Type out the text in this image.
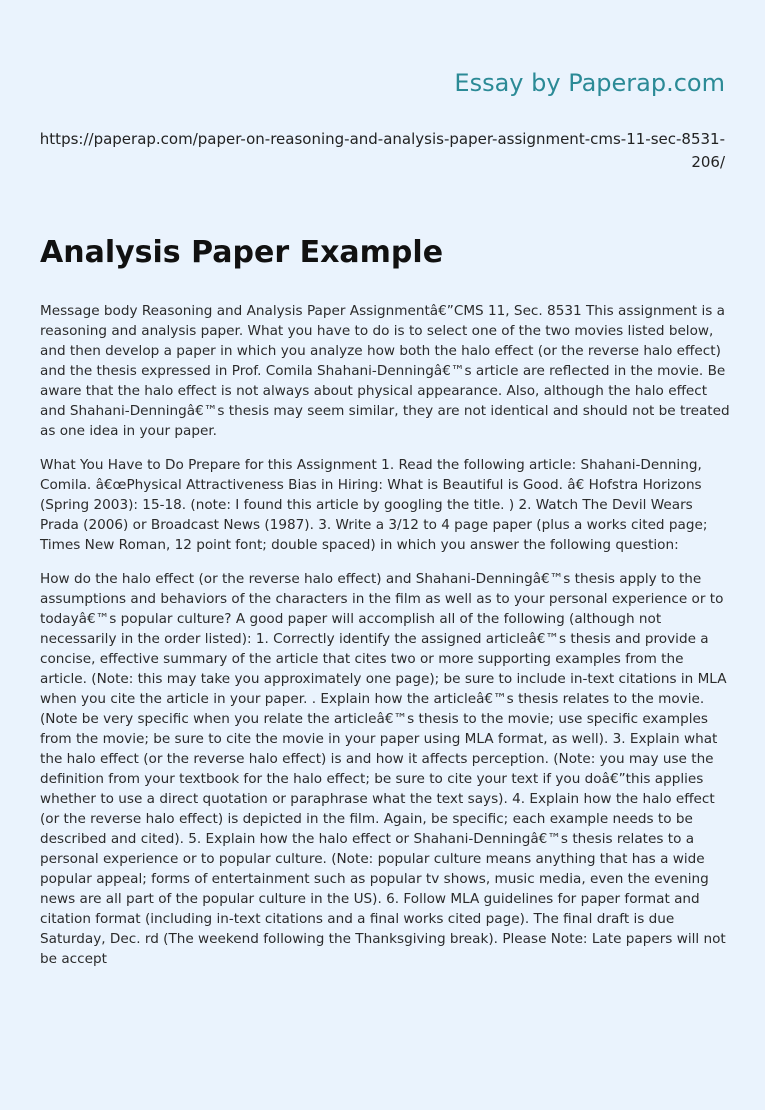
Essay by Paperap.com
https://paperap.com/paper-on-reasoning-and-analysis-paper-assignment-cms-11-sec-8531-206/
Analysis Paper Example

Message body Reasoning and Analysis Paper Assignmentâ€”CMS 11, Sec. 8531 This assignment is a reasoning and analysis paper. What you have to do is to select one of the two movies listed below, and then develop a paper in which you analyze how both the halo effect (or the reverse halo effect) and the thesis expressed in Prof. Comila Shahani-Denningâ€™s article are reflected in the movie. Be aware that the halo effect is not always about physical appearance. Also, although the halo effect and Shahani-Denningâ€™s thesis may seem similar, they are not identical and should not be treated as one idea in your paper.

What You Have to Do Prepare for this Assignment 1. Read the following article: Shahani-Denning, Comila. â€œPhysical Attractiveness Bias in Hiring: What is Beautiful is Good. â€ Hofstra Horizons (Spring 2003): 15-18. (note: I found this article by googling the title. ) 2. Watch The Devil Wears Prada (2006) or Broadcast News (1987). 3. Write a 3/12 to 4 page paper (plus a works cited page; Times New Roman, 12 point font; double spaced) in which you answer the following question:

How do the halo effect (or the reverse halo effect) and Shahani-Denningâ€™s thesis apply to the assumptions and behaviors of the characters in the film as well as to your personal experience or to todayâ€™s popular culture? A good paper will accomplish all of the following (although not necessarily in the order listed): 1. Correctly identify the assigned articleâ€™s thesis and provide a concise, effective summary of the article that cites two or more supporting examples from the article. (Note: this may take you approximately one page); be sure to include in-text citations in MLA when you cite the article in your paper. . Explain how the articleâ€™s thesis relates to the movie. (Note be very specific when you relate the articleâ€™s thesis to the movie; use specific examples from the movie; be sure to cite the movie in your paper using MLA format, as well). 3. Explain what the halo effect (or the reverse halo effect) is and how it affects perception. (Note: you may use the definition from your textbook for the halo effect; be sure to cite your text if you doâ€”this applies whether to use a direct quotation or paraphrase what the text says). 4. Explain how the halo effect (or the reverse halo effect) is depicted in the film. Again, be specific; each example needs to be described and cited). 5. Explain how the halo effect or Shahani-Denningâ€™s thesis relates to a personal experience or to popular culture. (Note: popular culture means anything that has a wide popular appeal; forms of entertainment such as popular tv shows, music media, even the evening news are all part of the popular culture in the US). 6. Follow MLA guidelines for paper format and citation format (including in-text citations and a final works cited page). The final draft is due Saturday, Dec. rd (The weekend following the Thanksgiving break). Please Note: Late papers will not be accept
